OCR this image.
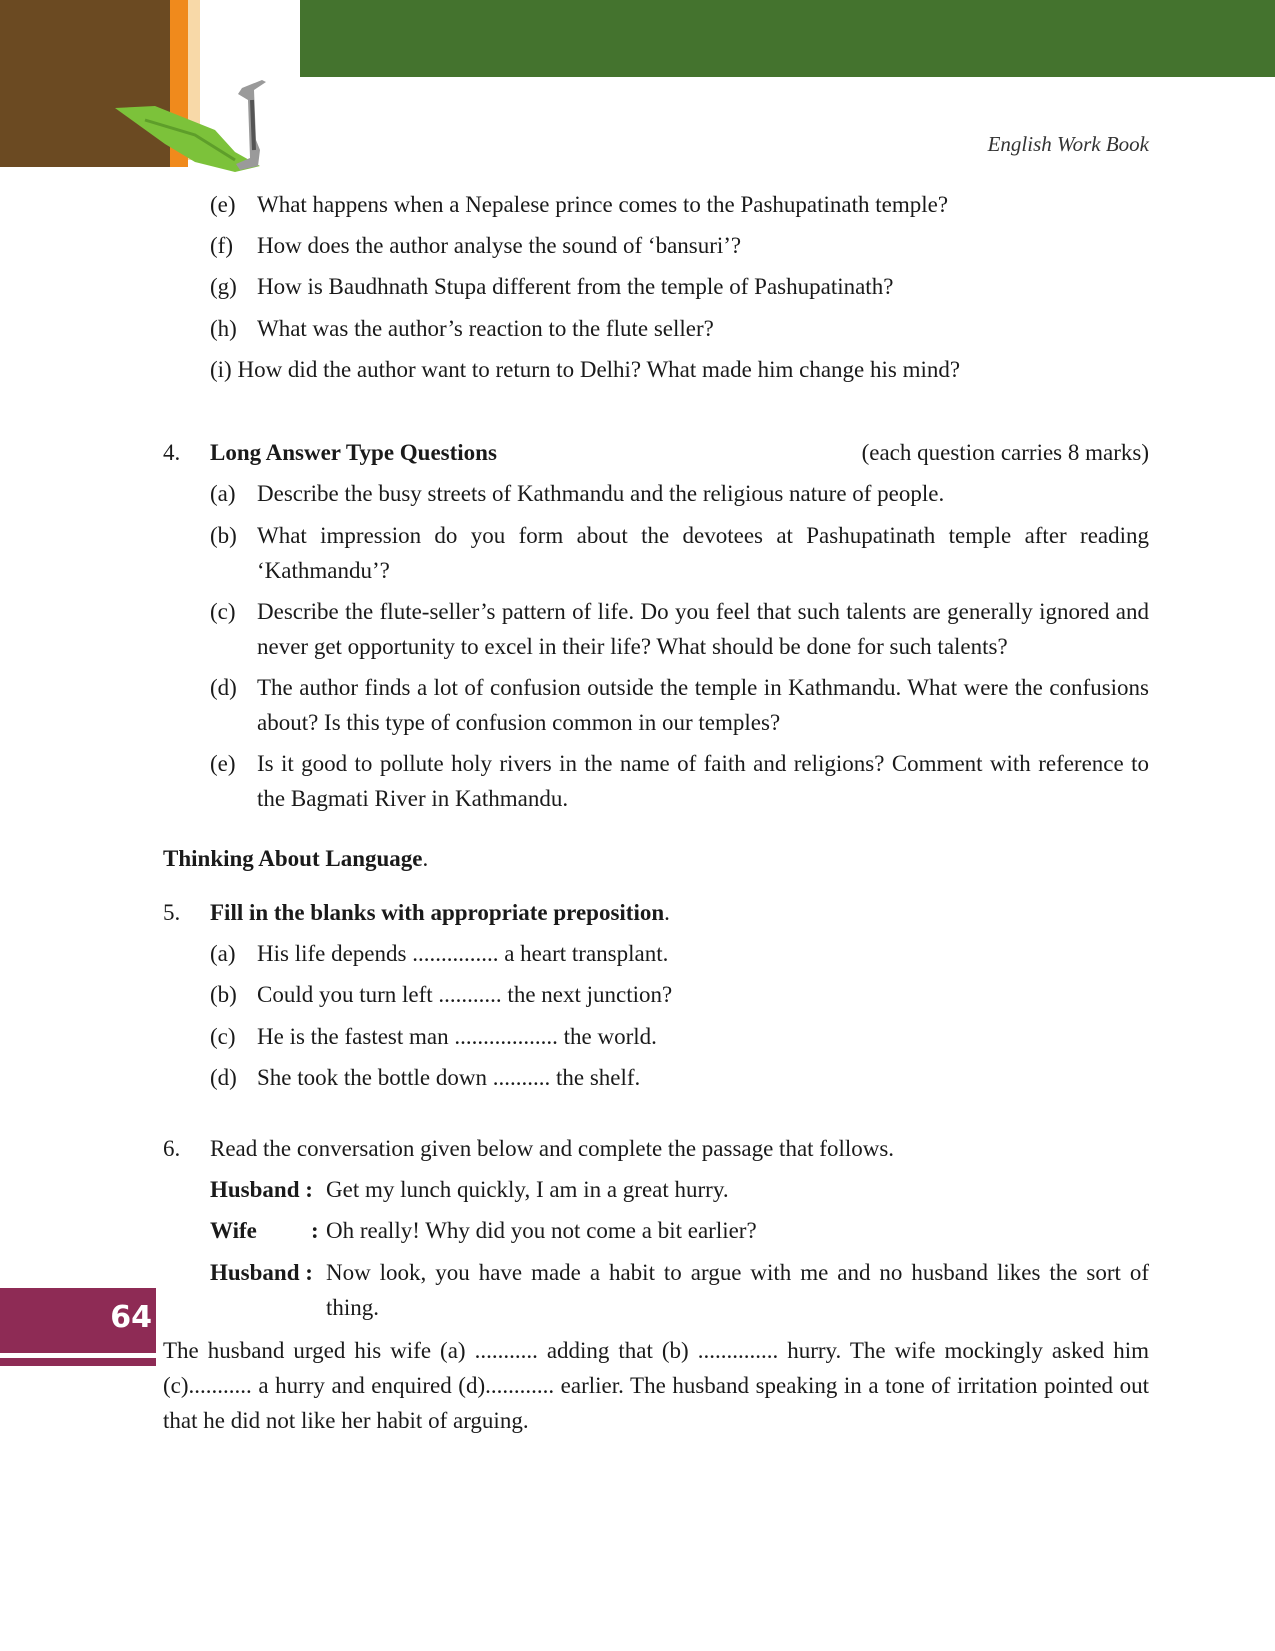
English Work Book
(e) What happens when a Nepalese prince comes to the Pashupatinath temple?
(f) How does the author analyse the sound of ‘bansuri’?
(g) How is Baudhnath Stupa different from the temple of Pashupatinath?
(h) What was the author’s reaction to the flute seller?
(i) How did the author want to return to Delhi? What made him change his mind?
4. Long Answer Type Questions	(each question carries 8 marks)
(a) Describe the busy streets of Kathmandu and the religious nature of people.
(b) What impression do you form about the devotees at Pashupatinath temple after reading ‘Kathmandu’?
(c) Describe the flute-seller’s pattern of life. Do you feel that such talents are generally ignored and never get opportunity to excel in their life? What should be done for such talents?
(d) The author finds a lot of confusion outside the temple in Kathmandu. What were the confusions about? Is this type of confusion common in our temples?
(e) Is it good to pollute holy rivers in the name of faith and religions? Comment with reference to the Bagmati River in Kathmandu.
Thinking About Language.
5. Fill in the blanks with appropriate preposition.
(a) His life depends ............... a heart transplant.
(b) Could you turn left ........... the next junction?
(c) He is the fastest man .................. the world.
(d) She took the bottle down .......... the shelf.
6. Read the conversation given below and complete the passage that follows.
Husband : Get my lunch quickly, I am in a great hurry.
Wife : Oh really! Why did you not come a bit earlier?
Husband : Now look, you have made a habit to argue with me and no husband likes the sort of thing.
The husband urged his wife (a) ........... adding that (b) .............. hurry. The wife mockingly asked him (c)........... a hurry and enquired (d)............ earlier. The husband speaking in a tone of irritation pointed out that he did not like her habit of arguing.
64
